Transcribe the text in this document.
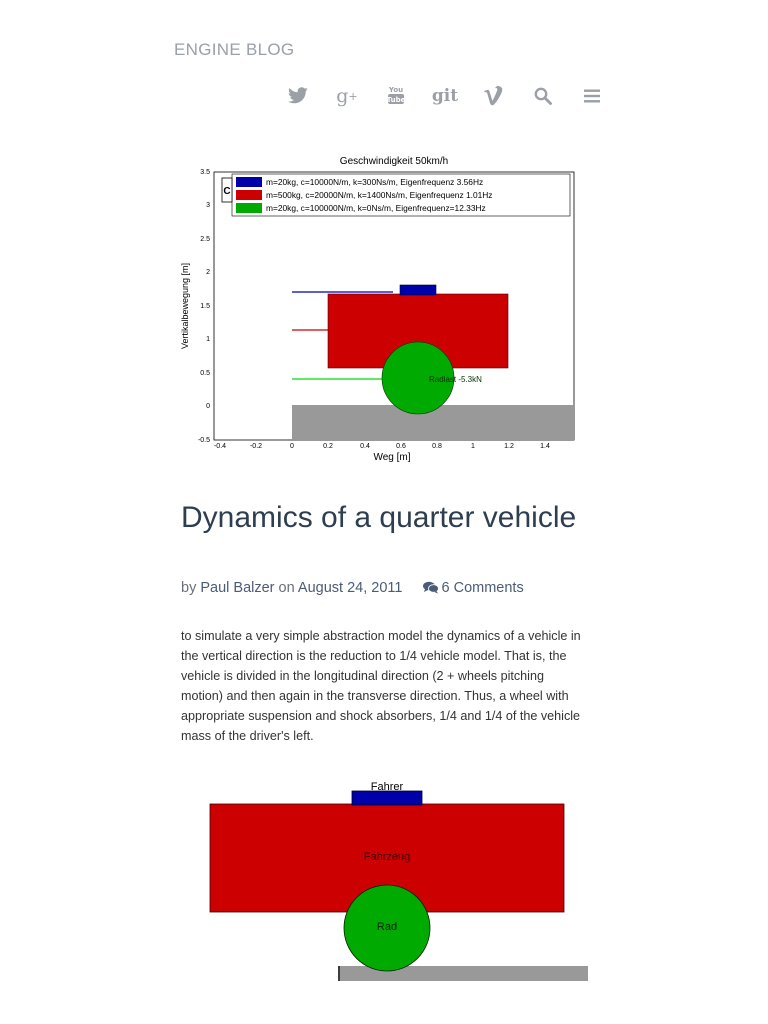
ENGINE BLOG
g +	You
Tube git
Geschwindigkeit 50km/h
Vertikalbewegung [m]
Weg [m]
-0.5
0
0.5
1
1.5
2
2.5
3
3.5
-0.4	-0.2	0	0.2	0.4	0.6	0.8	1	1.2	1.4
Radlast -5.3kN
C
m=20kg, c=10000N/m, k=300Ns/m, Eigenfrequenz 3.56Hz
m=500kg, c=20000N/m, k=1400Ns/m, Eigenfrequenz 1.01Hz
m=20kg, c=100000N/m, k=0Ns/m, Eigenfrequenz=12.33Hz
Dynamics of a quarter vehicle
by Paul Balzer on August 24, 2011	6 Comments

to simulate a very simple abstraction model the dynamics of a vehicle in the vertical direction is the reduction to 1/4 vehicle model. That is, the vehicle is divided in the longitudinal direction (2 + wheels pitching motion) and then again in the transverse direction. Thus, a wheel with appropriate suspension and shock absorbers, 1/4 and 1/4 of the vehicle mass of the driver's left.

Fahrer
Fahrzeug
Rad
